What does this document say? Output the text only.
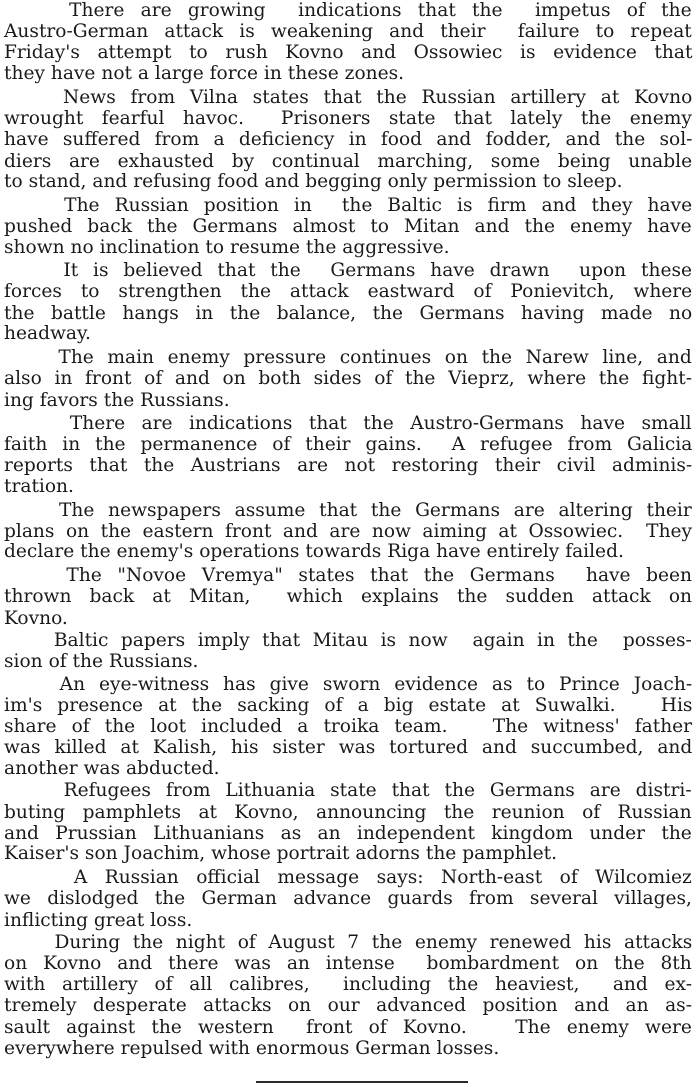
There are growing  indications that the  impetus of the
Austro-German attack is weakening and their  failure to repeat
Friday's attempt to rush Kovno and Ossowiec is evidence that
they have not a large force in these zones.
News from Vilna states that the Russian artillery at Kovno
wrought fearful havoc.  Prisoners state that lately the enemy
have suffered from a deficiency in food and fodder, and the sol-
diers are exhausted by continual marching, some being unable
to stand, and refusing food and begging only permission to sleep.
The Russian position in  the Baltic is firm and they have
pushed back the Germans almost to Mitan and the enemy have
shown no inclination to resume the aggressive.
It is believed that the  Germans have drawn  upon these
forces to strengthen the attack eastward of Ponievitch, where
the battle hangs in the balance, the Germans having made no
headway.
The main enemy pressure continues on the Narew line, and
also in front of and on both sides of the Vieprz, where the fight-
ing favors the Russians.
There are indications that the Austro-Germans have small
faith in the permanence of their gains.  A refugee from Galicia
reports that the Austrians are not restoring their civil adminis-
tration.
The newspapers assume that the Germans are altering their
plans on the eastern front and are now aiming at Ossowiec.  They
declare the enemy's operations towards Riga have entirely failed.
The "Novoe Vremya" states that the Germans  have been
thrown back at Mitan,  which explains the sudden attack on
Kovno.
Baltic papers imply that Mitau is now  again in the  posses-
sion of the Russians.
An eye-witness has give sworn evidence as to Prince Joach-
im's presence at the sacking of a big estate at Suwalki.   His
share of the loot included a troika team.   The witness' father
was killed at Kalish, his sister was tortured and succumbed, and
another was abducted.
Refugees from Lithuania state that the Germans are distri-
buting pamphlets at Kovno, announcing the reunion of Russian
and Prussian Lithuanians as an independent kingdom under the
Kaiser's son Joachim, whose portrait adorns the pamphlet.
A Russian official message says: North-east of Wilcomiez
we dislodged the German advance guards from several villages,
inflicting great loss.
During the night of August 7 the enemy renewed his attacks
on Kovno and there was an intense  bombardment on the 8th
with artillery of all calibres,  including the heaviest,  and ex-
tremely desperate attacks on our advanced position and an as-
sault against the western  front of Kovno.   The enemy were
everywhere repulsed with enormous German losses.
